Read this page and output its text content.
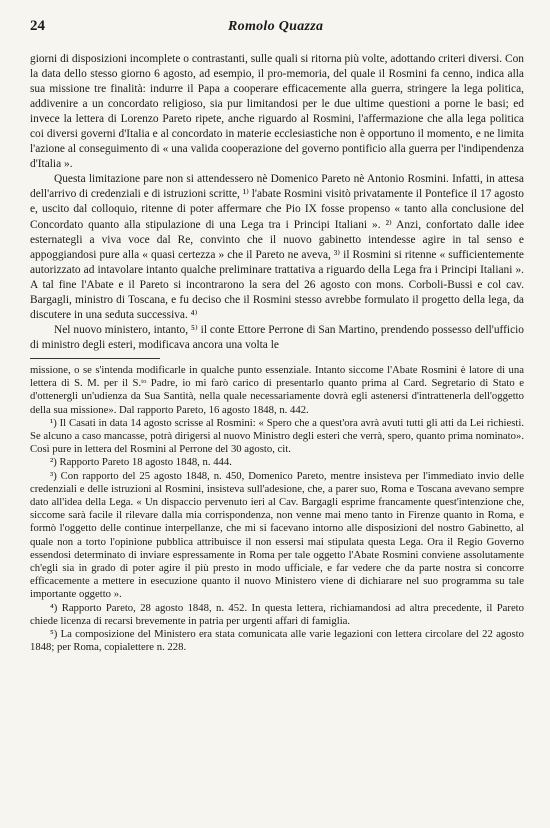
24	Romolo Quazza

giorni di disposizioni incomplete o contrastanti, sulle quali si ritorna più volte, adottando criteri diversi. Con la data dello stesso giorno 6 agosto, ad esempio, il pro-memoria, del quale il Rosmini fa cenno, indica alla sua missione tre finalità: indurre il Papa a cooperare efficacemente alla guerra, stringere la lega politica, addivenire a un concordato religioso, sia pur limitandosi per le due ultime questioni a porne le basi; ed invece la lettera di Lorenzo Pareto ripete, anche riguardo al Rosmini, l'affermazione che alla lega politica coi diversi governi d'Italia e al concordato in materie ecclesiastiche non è opportuno il momento, e ne limita l'azione al conseguimento di « una valida cooperazione del governo pontificio alla guerra per l'indipendenza d'Italia ».

Questa limitazione pare non si attendessero nè Domenico Pareto nè Antonio Rosmini. Infatti, in attesa dell'arrivo di credenziali e di istruzioni scritte, ¹⁾ l'abate Rosmini visitò privatamente il Pontefice il 17 agosto e, uscito dal colloquio, ritenne di poter affermare che Pio IX fosse propenso « tanto alla conclusione del Concordato quanto alla stipulazione di una Lega tra i Principi Italiani ». ²⁾ Anzi, confortato dalle idee esternategli a viva voce dal Re, convinto che il nuovo gabinetto intendesse agire in tal senso e appoggiandosi pure alla « quasi certezza » che il Pareto ne aveva, ³⁾ il Rosmini si ritenne « sufficientemente autorizzato ad intavolare intanto qualche preliminare trattativa a riguardo della Lega fra i Principi Italiani ». A tal fine l'Abate e il Pareto si incontrarono la sera del 26 agosto con mons. Corboli-Bussi e col cav. Bargagli, ministro di Toscana, e fu deciso che il Rosmini stesso avrebbe formulato il progetto della lega, da discutere in una seduta successiva. ⁴⁾

Nel nuovo ministero, intanto, ⁵⁾ il conte Ettore Perrone di San Martino, prendendo possesso dell'ufficio di ministro degli esteri, modificava ancora una volta le

missione, o se s'intenda modificarle in qualche punto essenziale. Intanto siccome l'Abate Rosmini è latore di una lettera di S. M. per il S.ᵗᵒ Padre, io mi farò carico di presentarlo quanto prima al Card. Segretario di Stato e d'ottenergli un'udienza da Sua Santità, nella quale necessariamente dovrà egli astenersi d'intrattenerla dell'oggetto della sua missione». Dal rapporto Pareto, 16 agosto 1848, n. 442.

¹) Il Casati in data 14 agosto scrisse al Rosmini: « Spero che a quest'ora avrà avuti tutti gli atti da Lei richiesti. Se alcuno a caso mancasse, potrà dirigersi al nuovo Ministro degli esteri che verrà, spero, quanto prima nominato». Così pure in lettera del Rosmini al Perrone del 30 agosto, cit.

²) Rapporto Pareto 18 agosto 1848, n. 444.

³) Con rapporto del 25 agosto 1848, n. 450, Domenico Pareto, mentre insisteva per l'immediato invio delle credenziali e delle istruzioni al Rosmini, insisteva sull'adesione, che, a parer suo, Roma e Toscana avevano sempre dato all'idea della Lega. « Un dispaccio pervenuto ieri al Cav. Bargagli esprime francamente quest'intenzione che, siccome sarà facile il rilevare dalla mia corrispondenza, non venne mai meno tanto in Firenze quanto in Roma, e formò l'oggetto delle continue interpellanze, che mi si facevano intorno alle disposizioni del nostro Gabinetto, al quale non a torto l'opinione pubblica attribuisce il non essersi mai stipulata questa Lega. Ora il Regio Governo essendosi determinato di inviare espressamente in Roma per tale oggetto l'Abate Rosmini conviene assolutamente ch'egli sia in grado di poter agire il più presto in modo ufficiale, e far vedere che da parte nostra si concorre efficacemente a mettere in esecuzione quanto il nuovo Ministero viene di dichiarare nel suo programma su tale importante oggetto ».

⁴) Rapporto Pareto, 28 agosto 1848, n. 452. In questa lettera, richiamandosi ad altra precedente, il Pareto chiede licenza di recarsi brevemente in patria per urgenti affari di famiglia.

⁵) La composizione del Ministero era stata comunicata alle varie legazioni con lettera circolare del 22 agosto 1848; per Roma, copialettere n. 228.
